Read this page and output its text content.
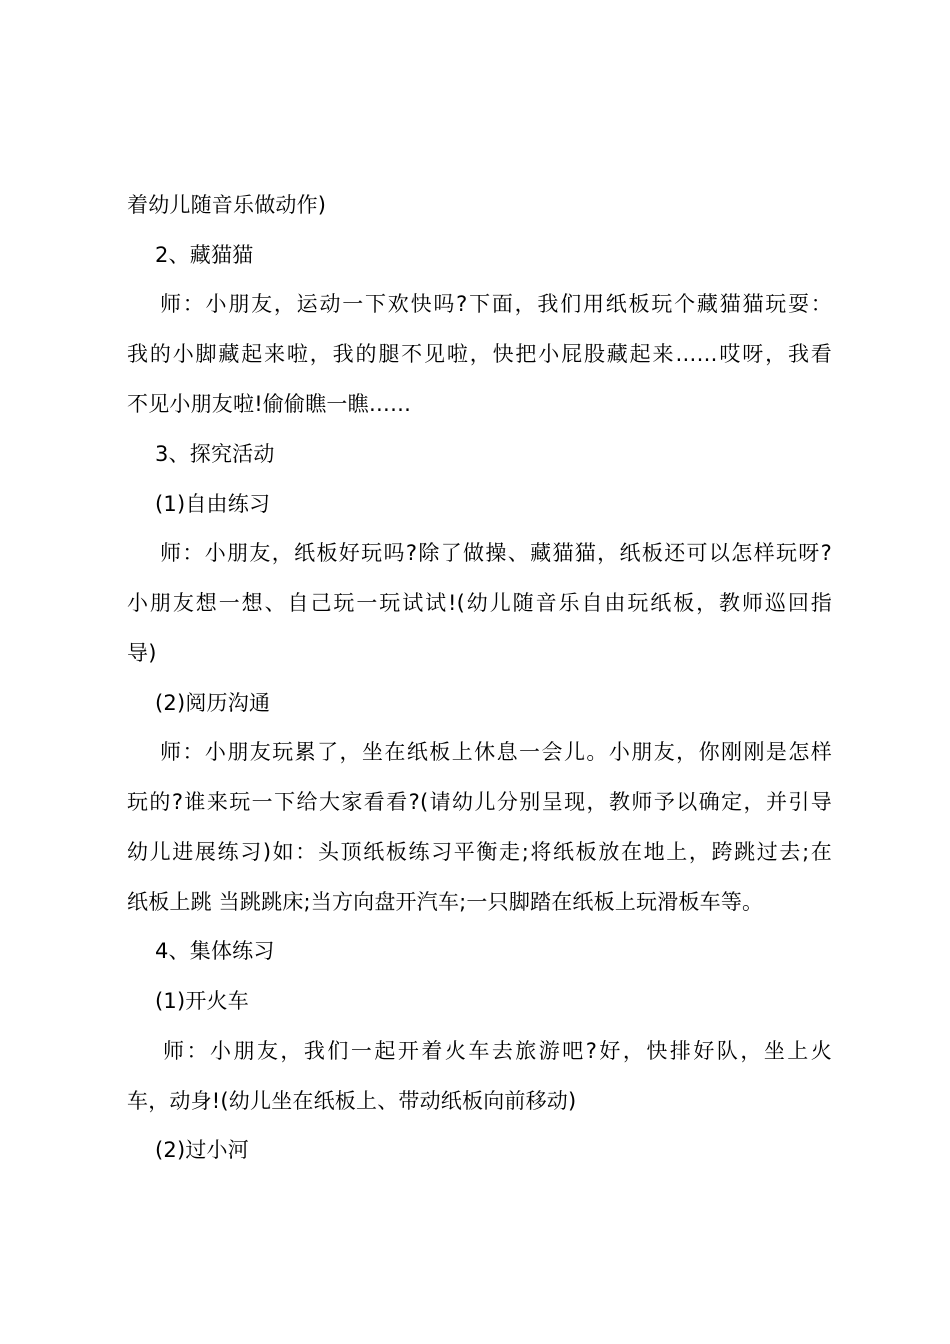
着幼儿随音乐做动作)
2、藏猫猫
师：小朋友，运动一下欢快吗?下面，我们用纸板玩个藏猫猫玩耍：
我的小脚藏起来啦，我的腿不见啦，快把小屁股藏起来……哎呀，我看
不见小朋友啦!偷偷瞧一瞧……
3、探究活动
(1)自由练习
师：小朋友，纸板好玩吗?除了做操、藏猫猫，纸板还可以怎样玩呀?
小朋友想一想、自己玩一玩试试!(幼儿随音乐自由玩纸板，教师巡回指
导)
(2)阅历沟通
师：小朋友玩累了，坐在纸板上休息一会儿。小朋友，你刚刚是怎样
玩的?谁来玩一下给大家看看?(请幼儿分别呈现，教师予以确定，并引导
幼儿进展练习)如：头顶纸板练习平衡走;将纸板放在地上，跨跳过去;在
纸板上跳 当跳跳床;当方向盘开汽车;一只脚踏在纸板上玩滑板车等。
4、集体练习
(1)开火车
师：小朋友，我们一起开着火车去旅游吧?好，快排好队，坐上火
车，动身!(幼儿坐在纸板上、带动纸板向前移动)
(2)过小河
